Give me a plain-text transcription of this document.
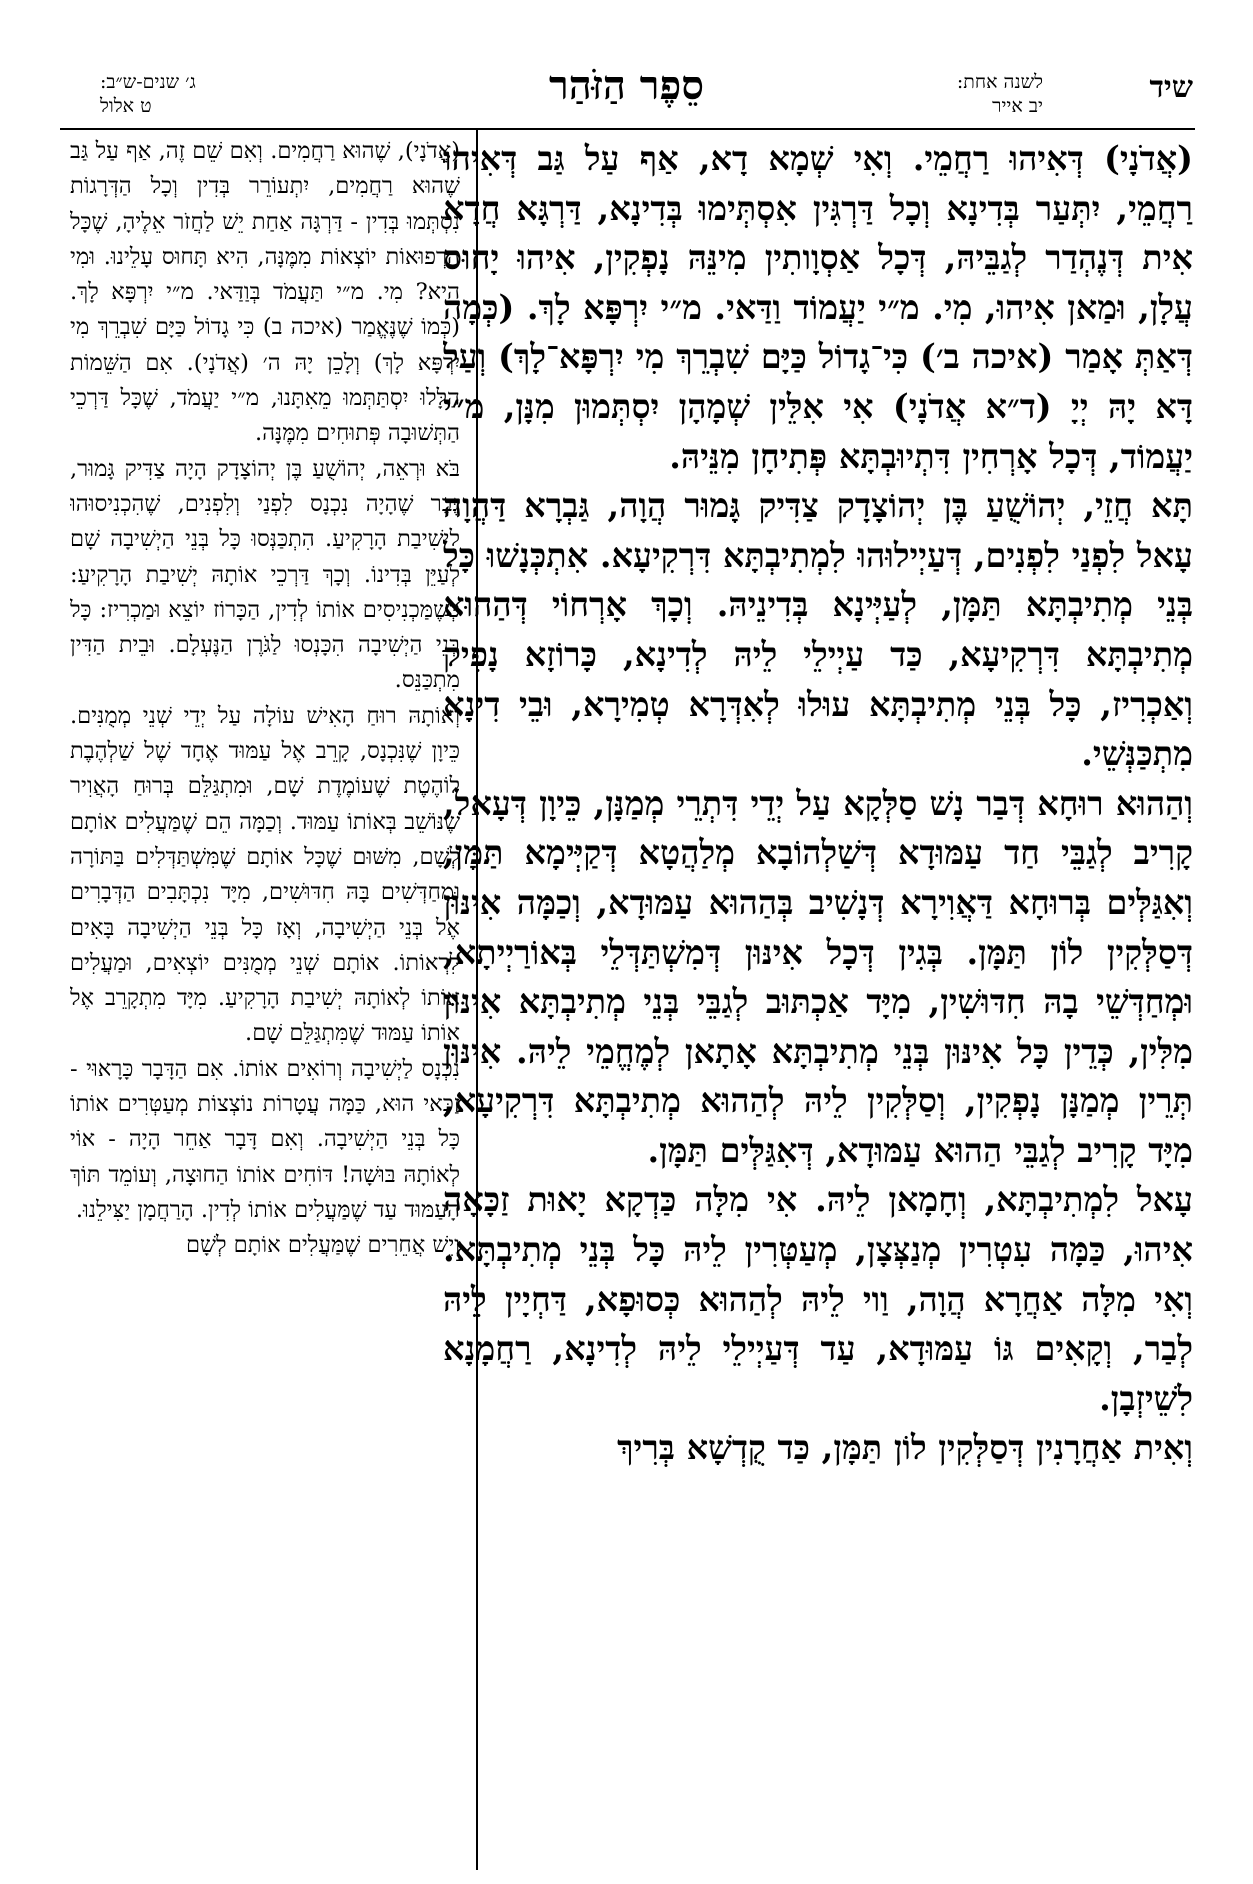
שיד
לשנה אחת:
יב אייר
סֵפֶר הַזֹּהַר
ג׳ שנים-ש״ב:
ט אלול

(אֲדֹנָי) דְּאִיהוּ רַחֲמֵי. וְאִי שְׁמָא דָא, אַף עַל גַּב דְּאִיהוּ רַחֲמֵי, יִתְּעַר בְּדִינָא וְכָל דַּרְגִּין אִסְתְּימוּ בְּדִינָא, דַּרְגָּא חֲדָא אִית דְּנֶהְדַר לְגַבֵּיהּ, דְּכָל אַסְוָותִין מִינֵּהּ נָפְקִין, אִיהוּ יָחוּס עֲלָן, וּמַאן אִיהוּ, מִי. מ״י יַעֲמוֹד וַדַּאי. מ״י יִרְפָּא לָךְ. (כְּמָה דְּאַתְּ אָמַר (איכה ב׳) כִּי־גָדוֹל כַּיָּם שִׁבְרֵךְ מִי יִרְפָּא־לָךְ) וְעַל דָּא יָהּ יְיָ (ד״א אֲדֹנָי) אִי אִלֵּין שְׁמָהָן יִסְתְּמוּן מִנָּן, מ״י יַעֲמוֹד, דְּכָל אָרְחִין דִּתְיוּבְתָּא פְּתִיחָן מִנֵּיהּ.

תָּא חֲזֵי, יְהוֹשֻׁעַ בֶּן יְהוֹצָדָק צַדִּיק גָּמוּר הֲוָה, גַּבְרָא דַּהֲוָה עָאל לִפְנַי לִפְנִים, דְּעַיְילוּהוּ לִמְתִיבְתָּא דִּרְקִיעָא. אִתְכְּנָשׁוּ כָּל בְּנֵי מְתִיבְתָּא תַּמָּן, לְעַיְּינָא בְּדִינֵיהּ. וְכָךְ אָרְחוֹי דְּהַהוּא מְתִיבְתָּא דִּרְקִיעָא, כַּד עַיְילֵי לֵיהּ לְדִינָא, כָּרוֹזָא נָפִיק וְאַכְרִיז, כָּל בְּנֵי מְתִיבְתָּא עוּלוּ לְאִדְּרָא טְמִירָא, וּבֵי דִינָא מִתְכַּנְּשֵׁי.

וְהַהוּא רוּחָא דְּבַר נָשׁ סַלְּקָא עַל יְדֵי דִּתְרֵי מְמַנָּן, כֵּיוָן דְּעָאל, קָרִיב לְגַבֵּי חַד עַמּוּדָא דְּשַׁלְהוֹבָא מְלַהֲטָא דְּקַיְּימָא תַּמָּן, וְאִגַּלְּים בְּרוּחָא דַּאֲוִירָא דְּנָשִׁיב בְּהַהוּא עַמּוּדָא, וְכַמָּה אִינּוּן דְּסַלְּקִין לוֹן תַּמָּן. בְּגִין דְּכָל אִינּוּן דְּמִשְׁתַּדְּלֵי בְּאוֹרַיְיתָא, וּמְחַדְּשֵׁי בָהּ חִדּוּשִׁין, מִיָּד אַכְתּוּב לְגַבֵּי בְּנֵי מְתִיבְתָּא אִינּוּן מִלִּין, כְּדֵין כָּל אִינּוּן בְּנֵי מְתִיבְתָּא אָתָאן לְמֶחֱמֵי לֵיהּ. אִינּוּן תְּרֵין מְמַנָּן נָפְקִין, וְסַלְּקִין לֵיהּ לְהַהוּא מְתִיבְתָּא דִּרְקִיעָא, מִיָּד קָרִיב לְגַבֵּי הַהוּא עַמּוּדָא, דְּאִגַּלְּים תַּמָּן.

עָאל לִמְתִיבְתָּא, וְחָמָאן לֵיהּ. אִי מִלָּה כַּדְקָא יָאוּת זַכָּאָה אִיהוּ, כַּמָּה עִטְרִין מְנַצְּצָן, מְעַטְּרִין לֵיהּ כָּל בְּנֵי מְתִיבְתָּא. וְאִי מִלָּה אַחֲרָא הֲוָה, וַוי לֵיהּ לְהַהוּא כְּסוּפָא, דַּחְיָין לֵיהּ לְבַר, וְקָאִים גּוֹ עַמּוּדָא, עַד דְּעַיְילֵי לֵיהּ לְדִינָא, רַחֲמָנָא לִשֵׁיזְבָן.

וְאִית אַחֲרָנִין דְּסַלְּקִין לוֹן תַּמָּן, כַּד קֻדְשָׁא בְּרִיךְ

(אֲדֹנָי), שֶׁהוּא רַחֲמִים. וְאִם שֵׁם זֶה, אַף עַל גַּב שֶׁהוּא רַחֲמִים, יִתְעוֹרֵר בְּדִין וְכָל הַדְּרָגוֹת נִסְתְּמוּ בְּדִין - דַּרְגָּה אַחַת יֵשׁ לַחֲזֹר אֵלֶיהָ, שֶׁכָּל הָרְפוּאוֹת יוֹצְאוֹת מִמֶּנָּה, הִיא תָּחוּס עָלֵינוּ. וּמִי הִיא? מִי. מ״י תַּעֲמֹד בְּוַדַּאי. מ״י יִרְפָּא לָךְ. (כְּמוֹ שֶׁנֶּאֱמַר (איכה ב) כִּי גָדוֹל כַּיָּם שִׁבְרֵךְ מִי יִרְפָּא לָךְ) וְלָכֵן יָהּ ה׳ (אֲדֹנָי). אִם הַשֵּׁמוֹת הַלָּלוּ יִסְתַּתְּמוּ מֵאִתָּנוּ, מ״י יַעֲמֹד, שֶׁכָּל דַּרְכֵי הַתְּשׁוּבָה פְּתוּחִים מִמֶּנָּה.

בֹּא וּרְאֵה, יְהוֹשֻׁעַ בֶּן יְהוֹצָדָק הָיָה צַדִּיק גָּמוּר, גֶּבֶר שֶׁהָיָה נִכְנָס לִפְנַי וְלִפְנִים, שֶׁהִכְנִיסוּהוּ לִישִׁיבַת הָרָקִיעַ. הִתְכַּנְּסוּ כָּל בְּנֵי הַיְשִׁיבָה שָׁם לְעַיֵּן בְּדִינוֹ. וְכָךְ דַּרְכֵי אוֹתָהּ יְשִׁיבַת הָרָקִיעַ: כְּשֶׁמַּכְנִיסִים אוֹתוֹ לְדִין, הַכָּרוֹז יוֹצֵא וּמַכְרִיז: כָּל בְּנֵי הַיְשִׁיבָה הִכָּנְסוּ לַגֹּרֶן הַנֶּעְלָם. וּבֵית הַדִּין מִתְכַּנֵּס.

וְאוֹתָהּ רוּחַ הָאִישׁ עוֹלָה עַל יְדֵי שְׁנֵי מְמֻנִּים. כֵּיוָן שֶׁנִּכְנָס, קָרֵב אֶל עַמּוּד אֶחָד שֶׁל שַׁלְהֶבֶת לוֹהֶטֶת שֶׁעוֹמֶדֶת שָׁם, וּמִתְגַּלֵּם בְּרוּחַ הָאֲוִיר שֶׁנּוֹשֵׁב בְּאוֹתוֹ עַמּוּד. וְכַמָּה הֵם שֶׁמַּעֲלִים אוֹתָם לְשָׁם, מִשּׁוּם שֶׁכָּל אוֹתָם שֶׁמִּשְׁתַּדְּלִים בַּתּוֹרָה וּמְחַדְּשִׁים בָּהּ חִדּוּשִׁים, מִיָּד נִכְתָּבִים הַדְּבָרִים אֶל בְּנֵי הַיְשִׁיבָה, וְאָז כָּל בְּנֵי הַיְשִׁיבָה בָּאִים לִרְאוֹתוֹ. אוֹתָם שְׁנֵי מְמֻנִּים יוֹצְאִים, וּמַעֲלִים אוֹתוֹ לְאוֹתָהּ יְשִׁיבַת הָרָקִיעַ. מִיָּד מִתְקָרֵב אֶל אוֹתוֹ עַמּוּד שֶׁמִּתְגַּלֵּם שָׁם.

נִכְנָס לַיְשִׁיבָה וְרוֹאִים אוֹתוֹ. אִם הַדָּבָר כָּרָאוּי - זַכַּאי הוּא, כַּמָּה עֲטָרוֹת נוֹצְצוֹת מְעַטְּרִים אוֹתוֹ כָּל בְּנֵי הַיְשִׁיבָה. וְאִם דָּבָר אַחֵר הָיָה - אוֹי לְאוֹתָהּ בּוּשָׁה! דּוֹחִים אוֹתוֹ הַחוּצָה, וְעוֹמֵד תּוֹךְ הָעַמּוּד עַד שֶׁמַּעֲלִים אוֹתוֹ לְדִין. הָרַחֲמָן יַצִּילֵנוּ.

וְיֵשׁ אֲחֵרִים שֶׁמַּעֲלִים אוֹתָם לְשָׁם
